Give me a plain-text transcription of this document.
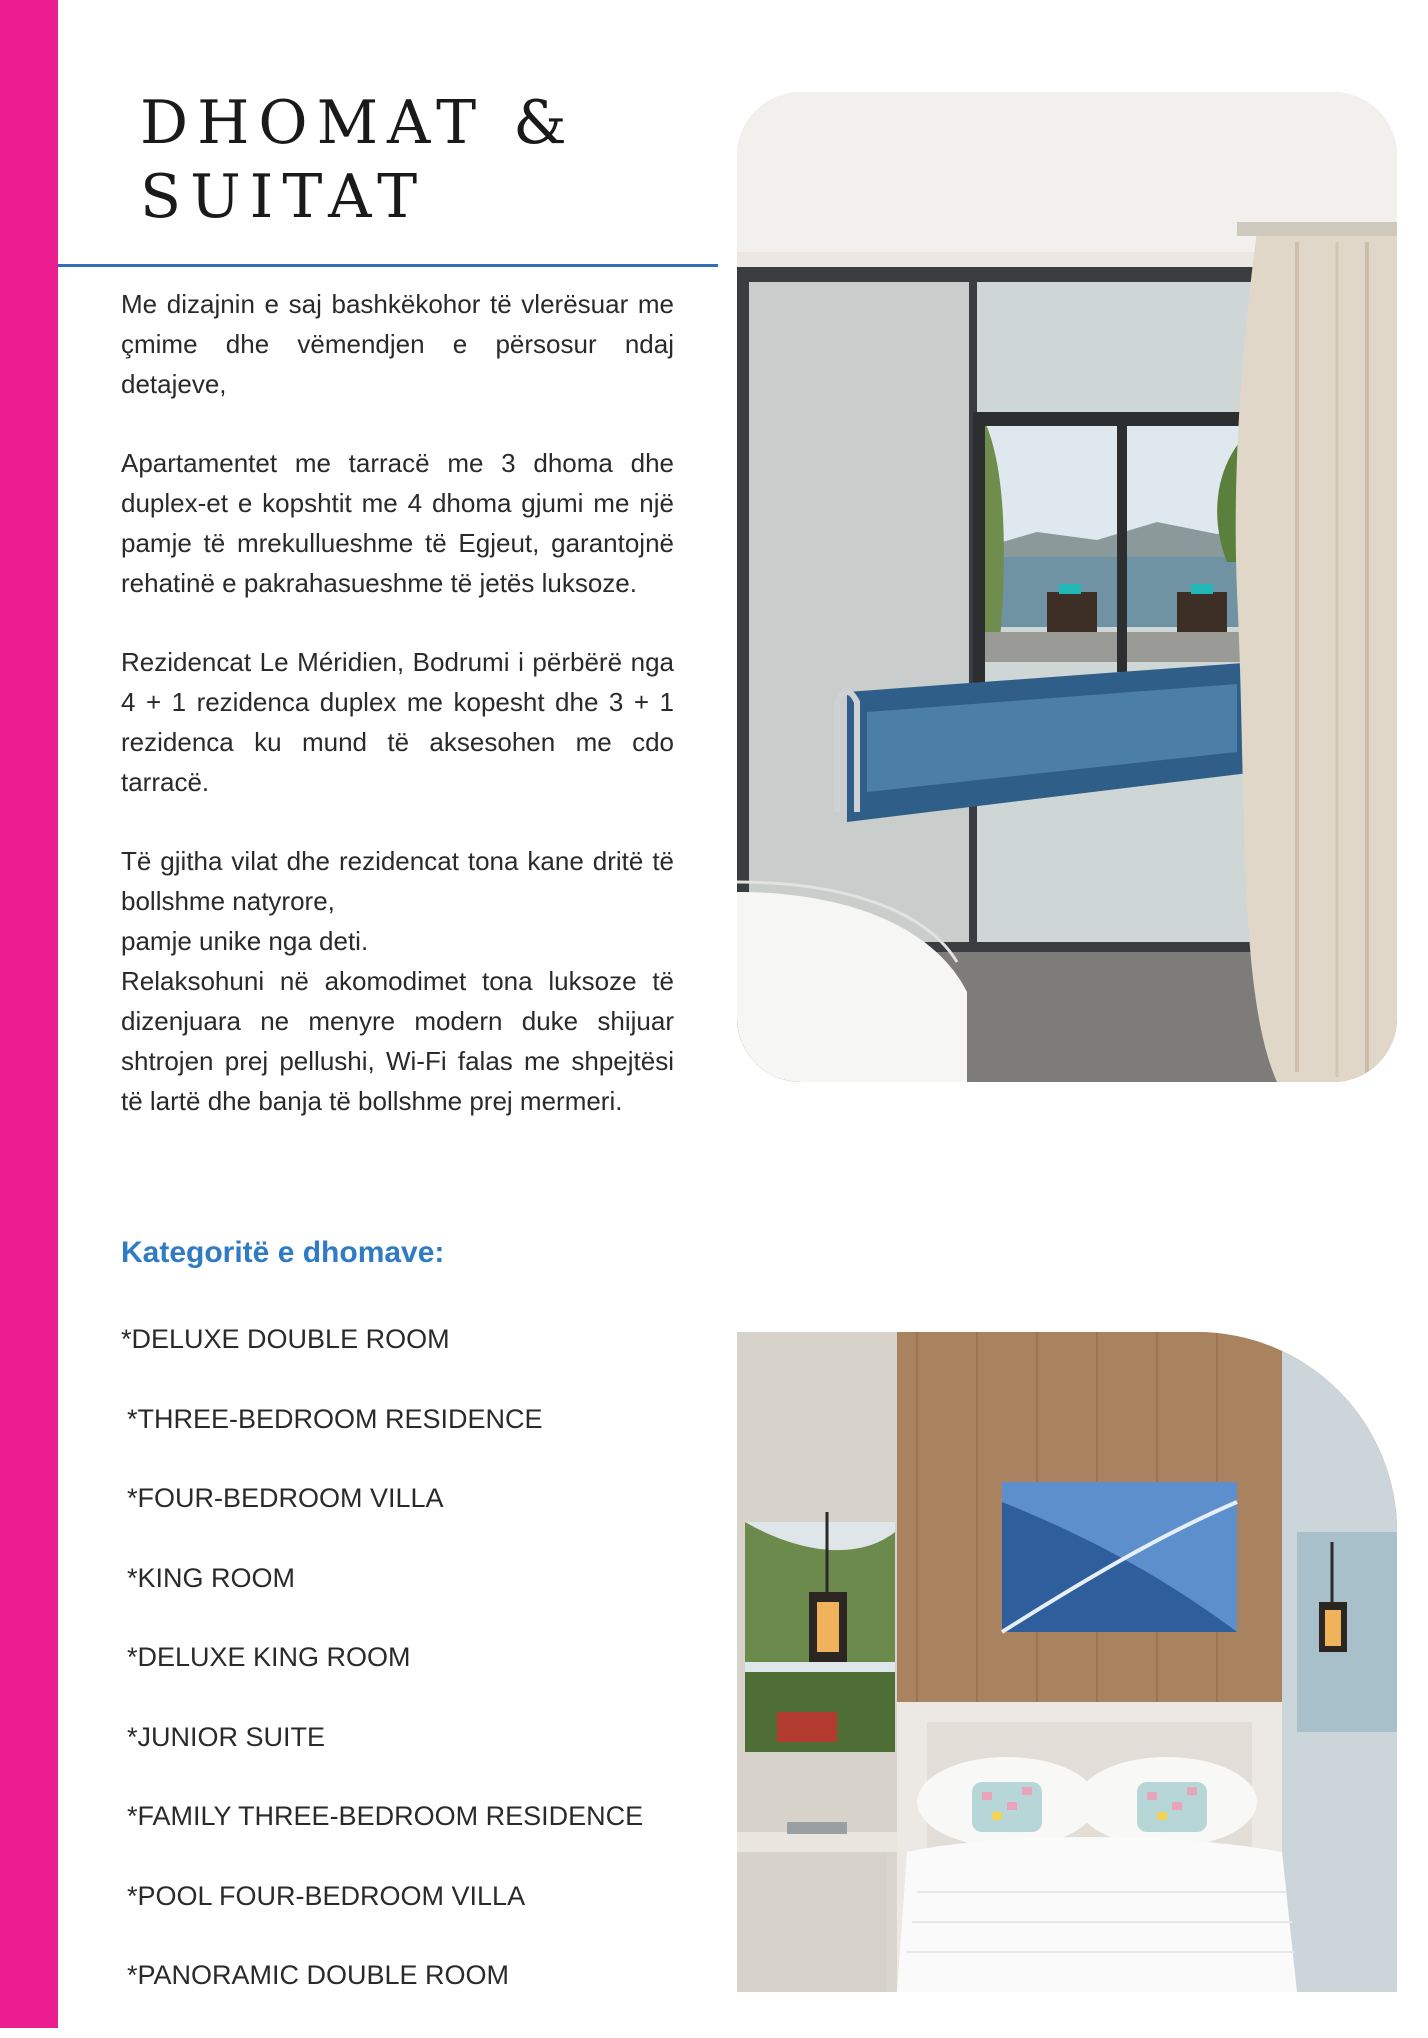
DHOMAT &
SUITAT

Me dizajnin e saj bashkëkohor të vlerësuar me çmime dhe vëmendjen e përsosur ndaj detajeve,

Apartamentet me tarracë me 3 dhoma dhe duplex-et e kopshtit me 4 dhoma gjumi me një pamje të mrekullueshme të Egjeut, garantojnë rehatinë e pakrahasueshme të jetës luksoze.

Rezidencat Le Méridien, Bodrumi i përbërë nga 4 + 1 rezidenca duplex me kopesht dhe 3 + 1 rezidenca ku mund të aksesohen me cdo tarracë.

Të gjitha vilat dhe rezidencat tona kane dritë të bollshme natyrore,

pamje unike nga deti.

Relaksohuni në akomodimet tona luksoze të dizenjuara ne menyre modern duke shijuar shtrojen prej pellushi, Wi-Fi falas me shpejtësi të lartë dhe banja të bollshme prej mermeri.

Kategoritë e dhomave:
*DELUXE DOUBLE ROOM
*THREE-BEDROOM RESIDENCE
*FOUR-BEDROOM VILLA
*KING ROOM
*DELUXE KING ROOM
*JUNIOR SUITE
*FAMILY THREE-BEDROOM RESIDENCE
*POOL FOUR-BEDROOM VILLA
*PANORAMIC DOUBLE ROOM
